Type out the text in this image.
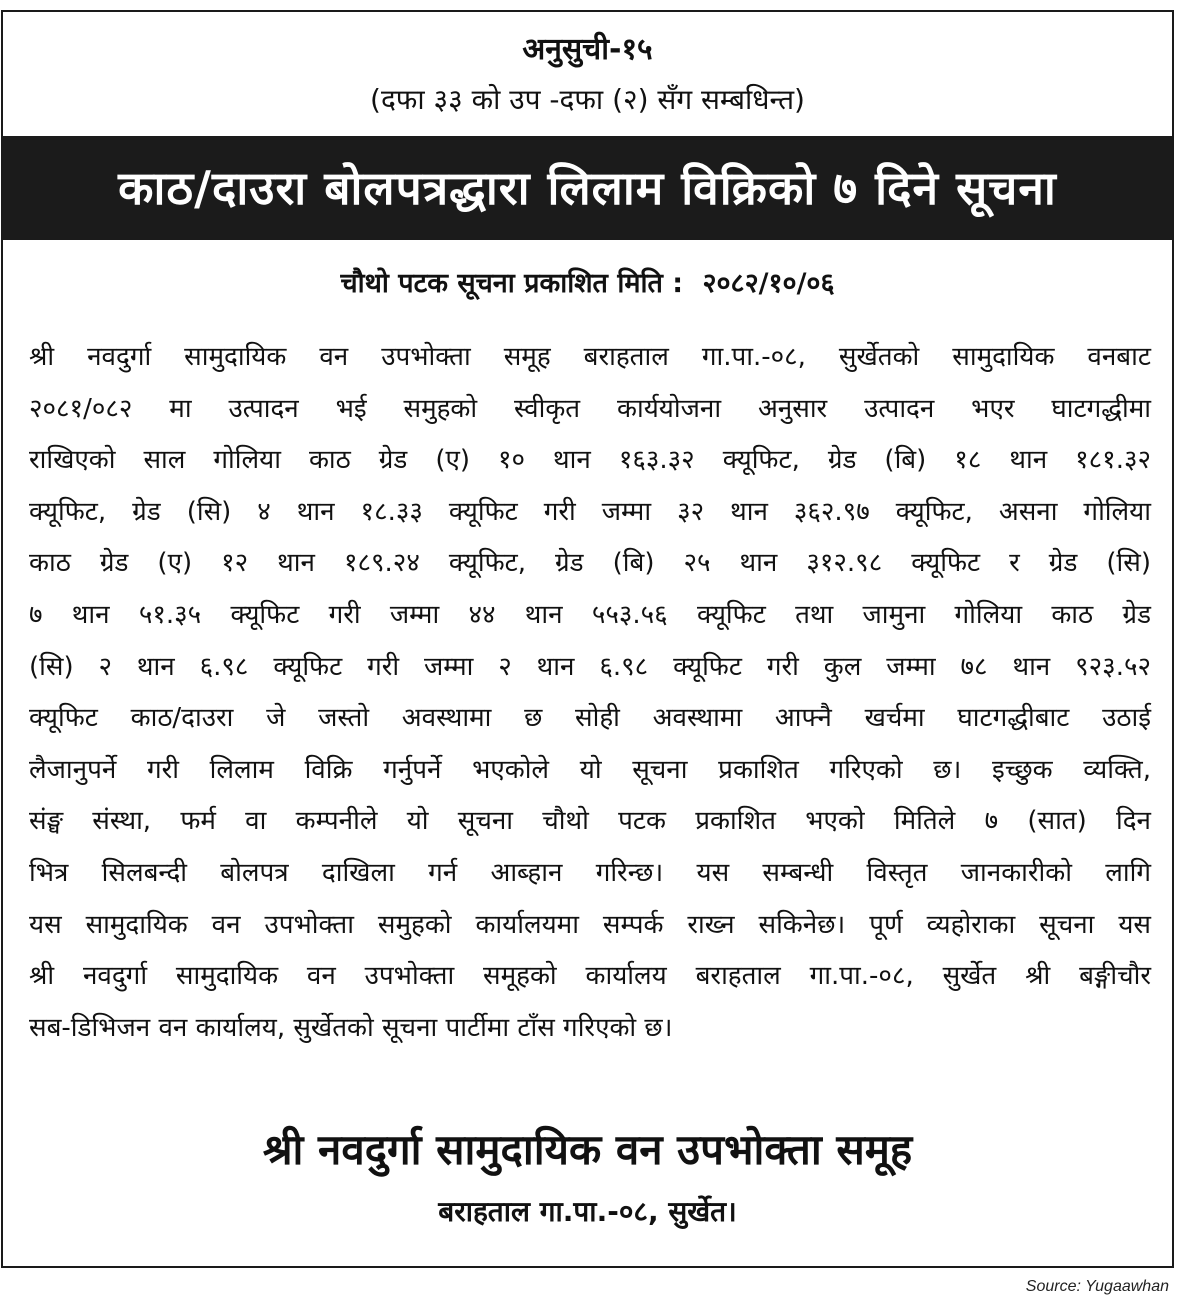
अनुसुची-१५
(दफा ३३ को उप -दफा (२) सँग सम्बधिन्त)
काठ/दाउरा बोलपत्रद्धारा लिलाम विक्रिको ७ दिने सूचना
चौथो पटक सूचना प्रकाशित मिति : २०८२/१०/०६

श्री नवदुर्गा सामुदायिक वन उपभोक्ता समूह बराहताल गा.पा.-०८, सुर्खेतको सामुदायिक वनबाट
२०८१/०८२ मा उत्पादन भई समुहको स्वीकृत कार्ययोजना अनुसार उत्पादन भएर घाटगद्धीमा
राखिएको साल गोलिया काठ ग्रेड (ए) १० थान १६३.३२ क्यूफिट, ग्रेड (बि) १८ थान १८१.३२
क्यूफिट, ग्रेड (सि) ४ थान १८.३३ क्यूफिट गरी जम्मा ३२ थान ३६२.९७ क्यूफिट, असना गोलिया
काठ ग्रेड (ए) १२ थान १८९.२४ क्यूफिट, ग्रेड (बि) २५ थान ३१२.९८ क्यूफिट र ग्रेड (सि)
७ थान ५१.३५ क्यूफिट गरी जम्मा ४४ थान ५५३.५६ क्यूफिट तथा जामुना गोलिया काठ ग्रेड
(सि) २ थान ६.९८ क्यूफिट गरी जम्मा २ थान ६.९८ क्यूफिट गरी कुल जम्मा ७८ थान ९२३.५२
क्यूफिट काठ/दाउरा जे जस्तो अवस्थामा छ सोही अवस्थामा आफ्नै खर्चमा घाटगद्धीबाट उठाई
लैजानुपर्ने गरी लिलाम विक्रि गर्नुपर्ने भएकोले यो सूचना प्रकाशित गरिएको छ। इच्छुक व्यक्ति,
संङ्घ संस्था, फर्म वा कम्पनीले यो सूचना चौथो पटक प्रकाशित भएको मितिले ७ (सात) दिन
भित्र सिलबन्दी बोलपत्र दाखिला गर्न आब्हान गरिन्छ। यस सम्बन्धी विस्तृत जानकारीको लागि
यस सामुदायिक वन उपभोक्ता समुहको कार्यालयमा सम्पर्क राख्न सकिनेछ। पूर्ण व्यहोराका सूचना यस
श्री नवदुर्गा सामुदायिक वन उपभोक्ता समूहको कार्यालय बराहताल गा.पा.-०८, सुर्खेत श्री बङ्गीचौर
सब-डिभिजन वन कार्यालय, सुर्खेतको सूचना पार्टीमा टाँस गरिएको छ।

श्री नवदुर्गा सामुदायिक वन उपभोक्ता समूह
बराहताल गा.पा.-०८, सुर्खेत।
Source: Yugaawhan
